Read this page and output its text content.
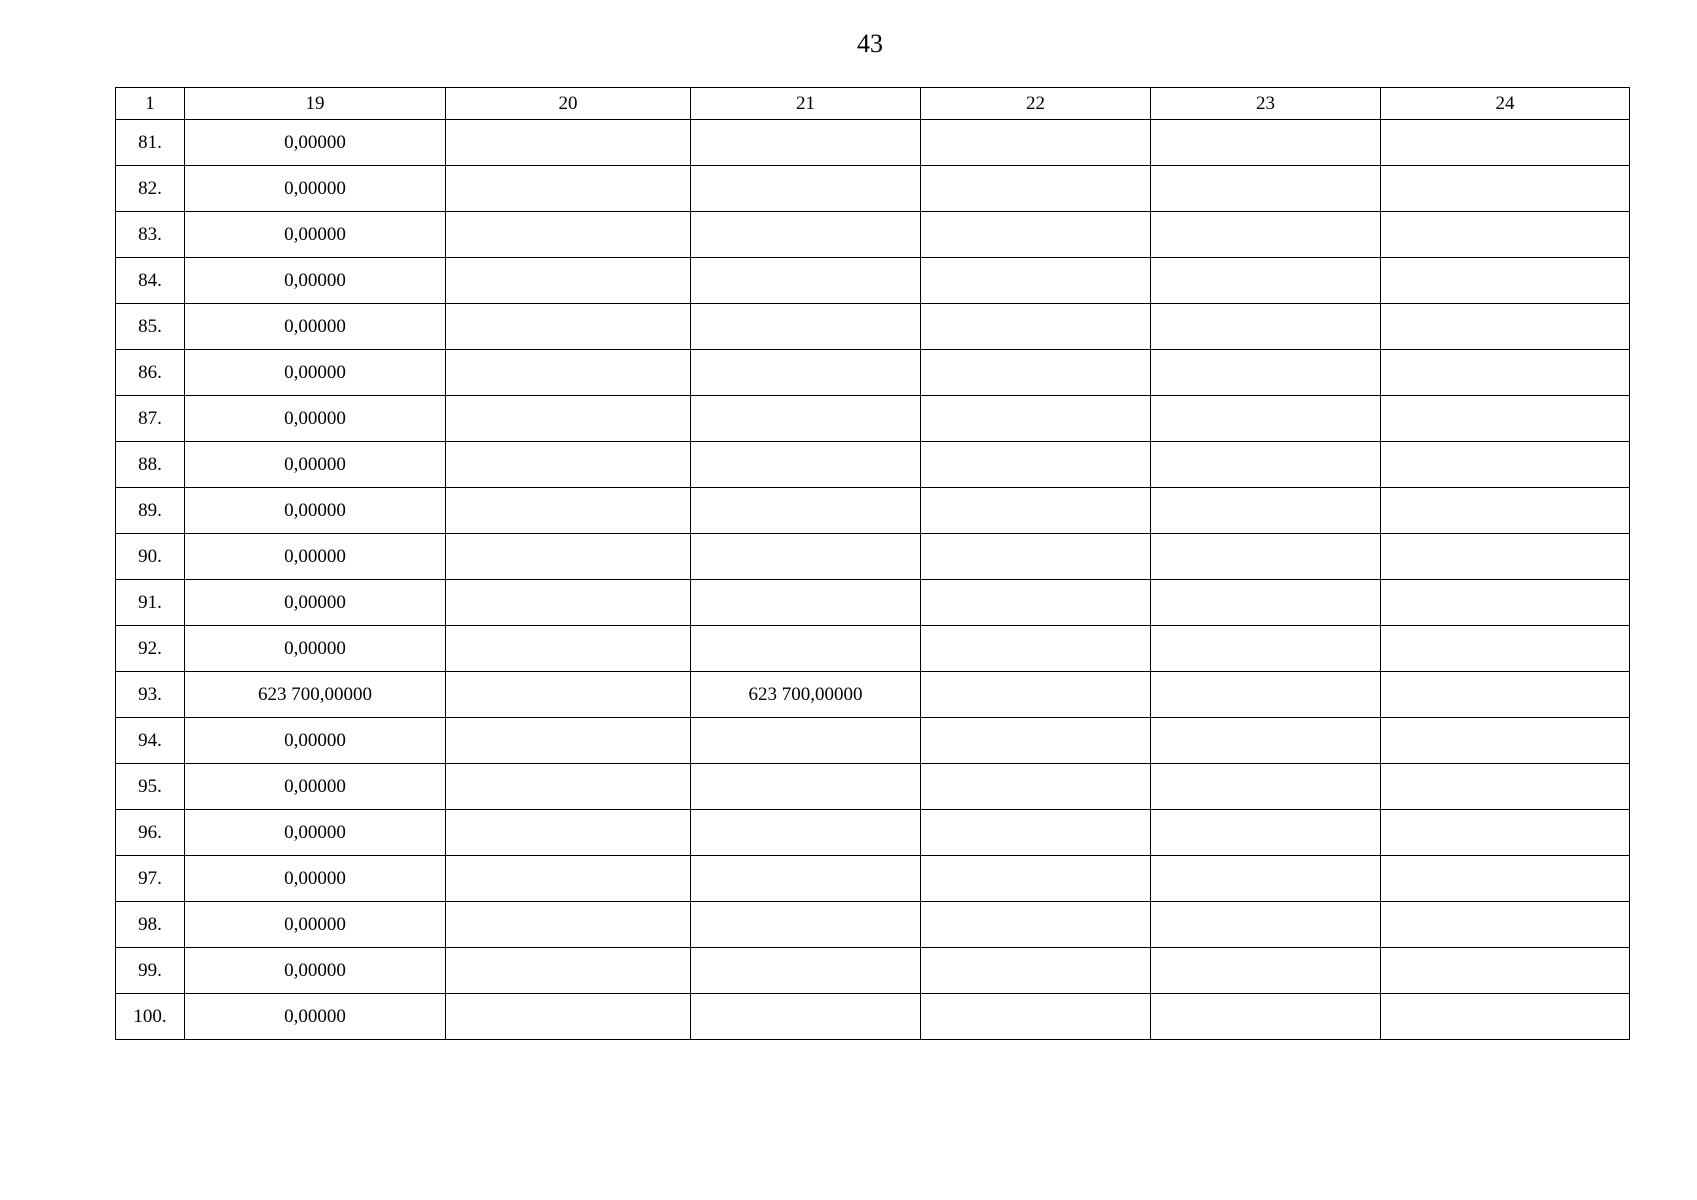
43
1	19	20	21	22	23	24
81.	0,00000					
82.	0,00000					
83.	0,00000					
84.	0,00000					
85.	0,00000					
86.	0,00000					
87.	0,00000					
88.	0,00000					
89.	0,00000					
90.	0,00000					
91.	0,00000					
92.	0,00000					
93.	623 700,00000		623 700,00000			
94.	0,00000					
95.	0,00000					
96.	0,00000					
97.	0,00000					
98.	0,00000					
99.	0,00000					
100.	0,00000					
